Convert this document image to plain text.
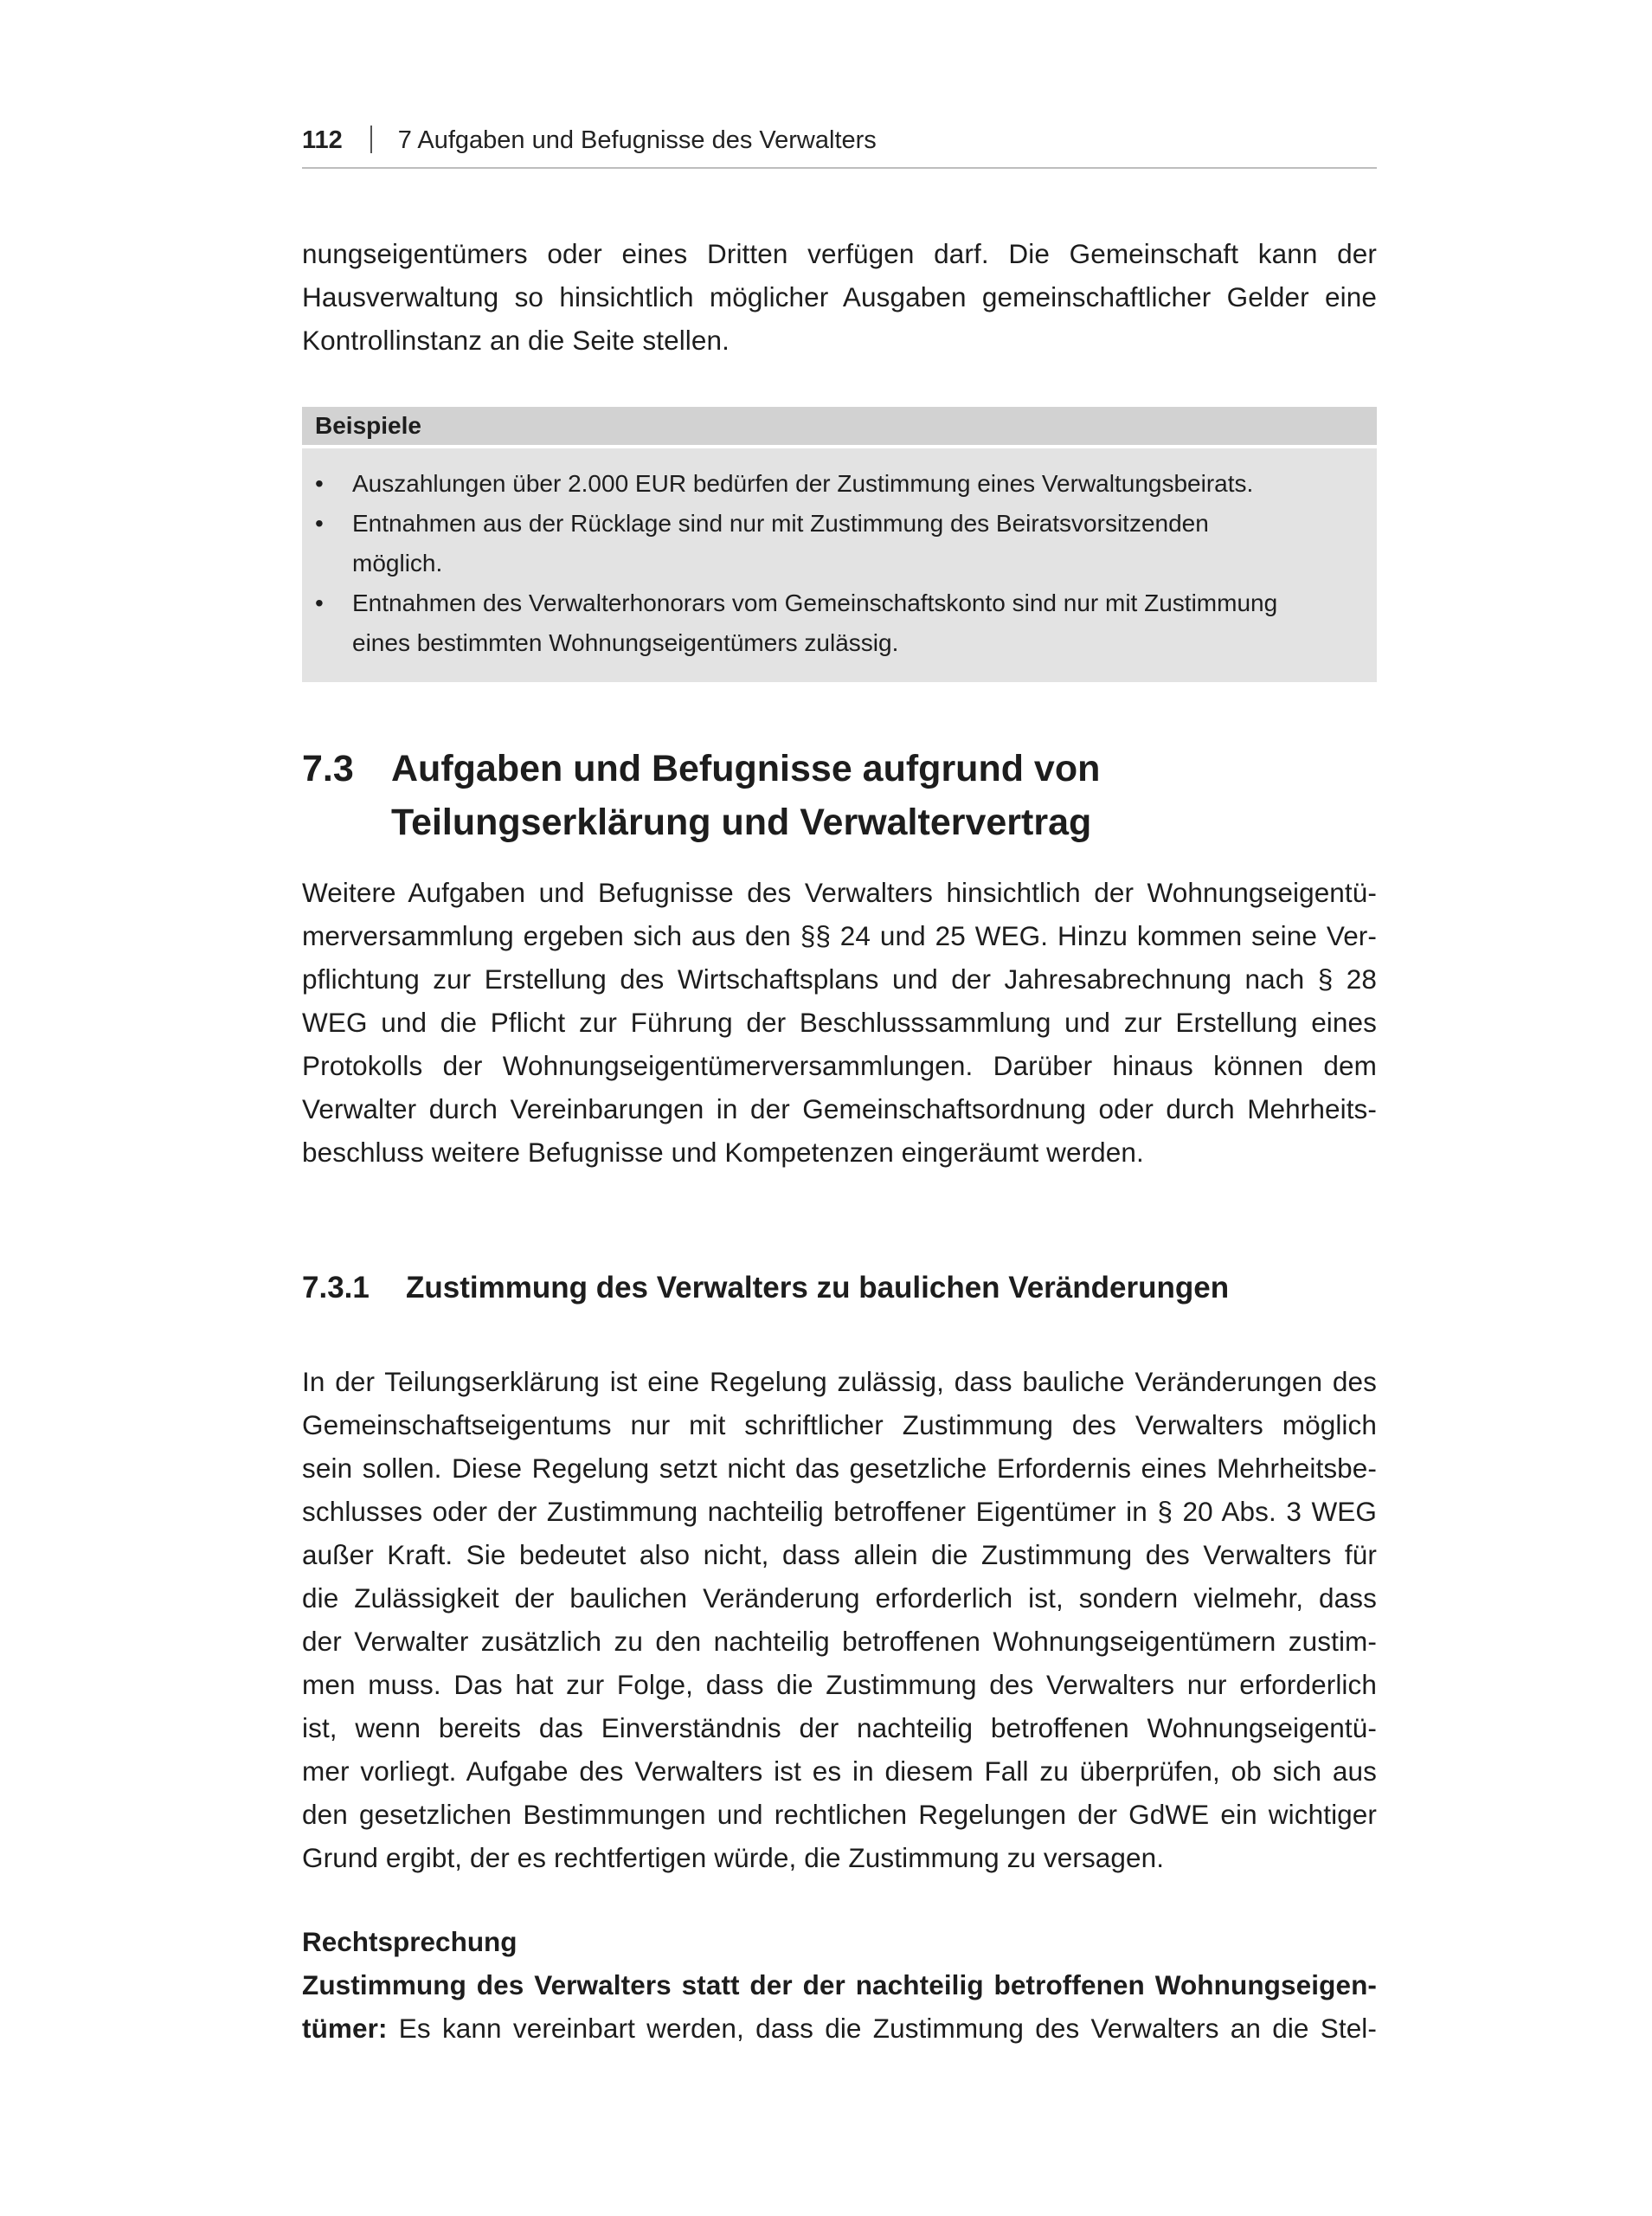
112 7 Aufgaben und Befugnisse des Verwalters
nungseigentümers oder eines Dritten verfügen darf. Die Gemeinschaft kann der
Hausverwaltung so hinsichtlich möglicher Ausgaben gemeinschaftlicher Gelder eine
Kontrollinstanz an die Seite stellen.
Beispiele
• Auszahlungen über 2.000 EUR bedürfen der Zustimmung eines Verwaltungsbeirats.
• Entnahmen aus der Rücklage sind nur mit Zustimmung des Beiratsvorsitzenden
möglich.
• Entnahmen des Verwalterhonorars vom Gemeinschaftskonto sind nur mit Zustimmung
eines bestimmten Wohnungseigentümers zulässig.
7.3 Aufgaben und Befugnisse aufgrund von
Teilungserklärung und Verwaltervertrag
Weitere Aufgaben und Befugnisse des Verwalters hinsichtlich der Wohnungseigentü-
merversammlung ergeben sich aus den §§ 24 und 25 WEG. Hinzu kommen seine Ver-
pflichtung zur Erstellung des Wirtschaftsplans und der Jahresabrechnung nach § 28
WEG und die Pflicht zur Führung der Beschlusssammlung und zur Erstellung eines
Protokolls der Wohnungseigentümerversammlungen. Darüber hinaus können dem
Verwalter durch Vereinbarungen in der Gemeinschaftsordnung oder durch Mehrheits-
beschluss weitere Befugnisse und Kompetenzen eingeräumt werden.
7.3.1 Zustimmung des Verwalters zu baulichen Veränderungen
In der Teilungserklärung ist eine Regelung zulässig, dass bauliche Veränderungen des
Gemeinschaftseigentums nur mit schriftlicher Zustimmung des Verwalters möglich
sein sollen. Diese Regelung setzt nicht das gesetzliche Erfordernis eines Mehrheitsbe-
schlusses oder der Zustimmung nachteilig betroffener Eigentümer in § 20 Abs. 3 WEG
außer Kraft. Sie bedeutet also nicht, dass allein die Zustimmung des Verwalters für
die Zulässigkeit der baulichen Veränderung erforderlich ist, sondern vielmehr, dass
der Verwalter zusätzlich zu den nachteilig betroffenen Wohnungseigentümern zustim-
men muss. Das hat zur Folge, dass die Zustimmung des Verwalters nur erforderlich
ist, wenn bereits das Einverständnis der nachteilig betroffenen Wohnungseigentü-
mer vorliegt. Aufgabe des Verwalters ist es in diesem Fall zu überprüfen, ob sich aus
den gesetzlichen Bestimmungen und rechtlichen Regelungen der GdWE ein wichtiger
Grund ergibt, der es rechtfertigen würde, die Zustimmung zu versagen.
Rechtsprechung
Zustimmung des Verwalters statt der der nachteilig betroffenen Wohnungseigen-
tümer: Es kann vereinbart werden, dass die Zustimmung des Verwalters an die Stel-
